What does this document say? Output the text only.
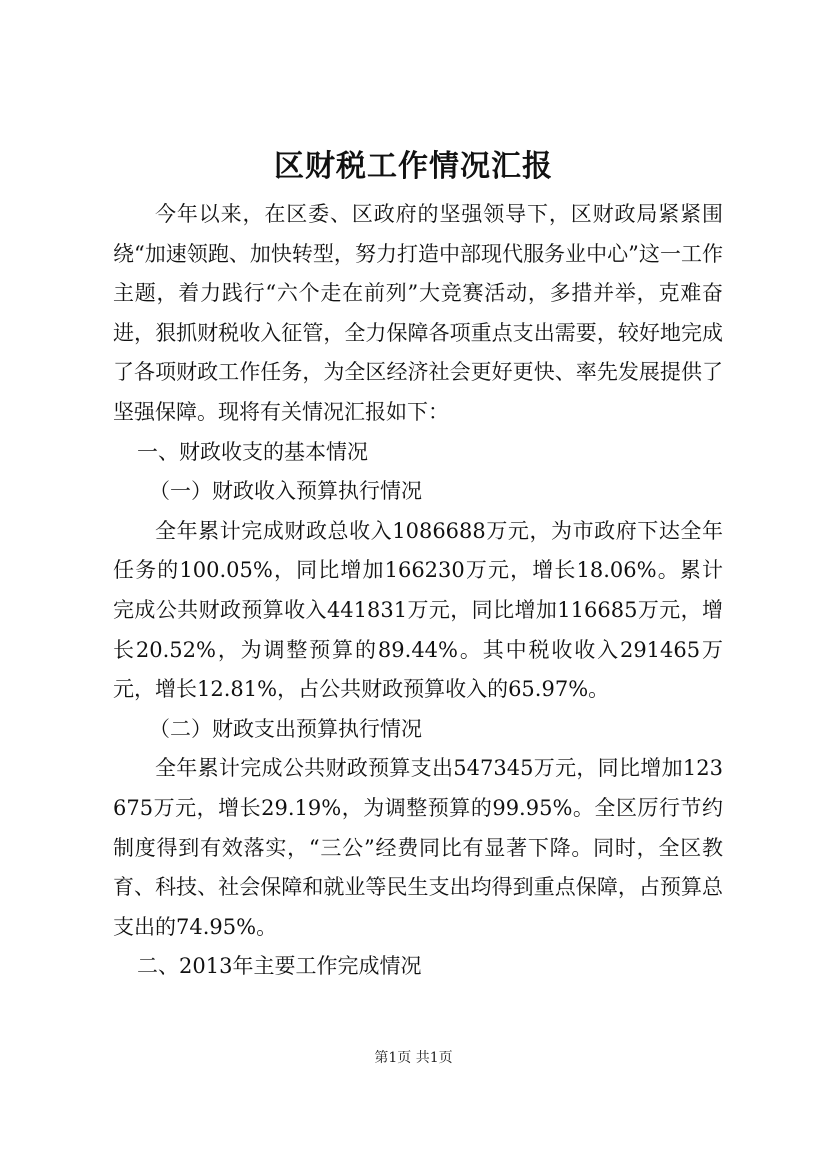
区财税工作情况汇报

今年以来，在区委、区政府的坚强领导下，区财政局紧紧围绕“加速领跑、加快转型，努力打造中部现代服务业中心”这一工作主题，着力践行“六个走在前列”大竞赛活动，多措并举，克难奋进，狠抓财税收入征管，全力保障各项重点支出需要，较好地完成了各项财政工作任务，为全区经济社会更好更快、率先发展提供了坚强保障。现将有关情况汇报如下：

一、财政收支的基本情况

（一）财政收入预算执行情况

全年累计完成财政总收入1086688万元，为市政府下达全年任务的100.05%，同比增加166230万元，增长18.06%。累计完成公共财政预算收入441831万元，同比增加116685万元，增长20.52%，为调整预算的89.44%。其中税收收入291465万元，增长12.81%，占公共财政预算收入的65.97%。

（二）财政支出预算执行情况

全年累计完成公共财政预算支出547345万元，同比增加123675万元，增长29.19%，为调整预算的99.95%。全区厉行节约制度得到有效落实，“三公”经费同比有显著下降。同时，全区教育、科技、社会保障和就业等民生支出均得到重点保障，占预算总支出的74.95%。

二、2013年主要工作完成情况

第1页 共1页
